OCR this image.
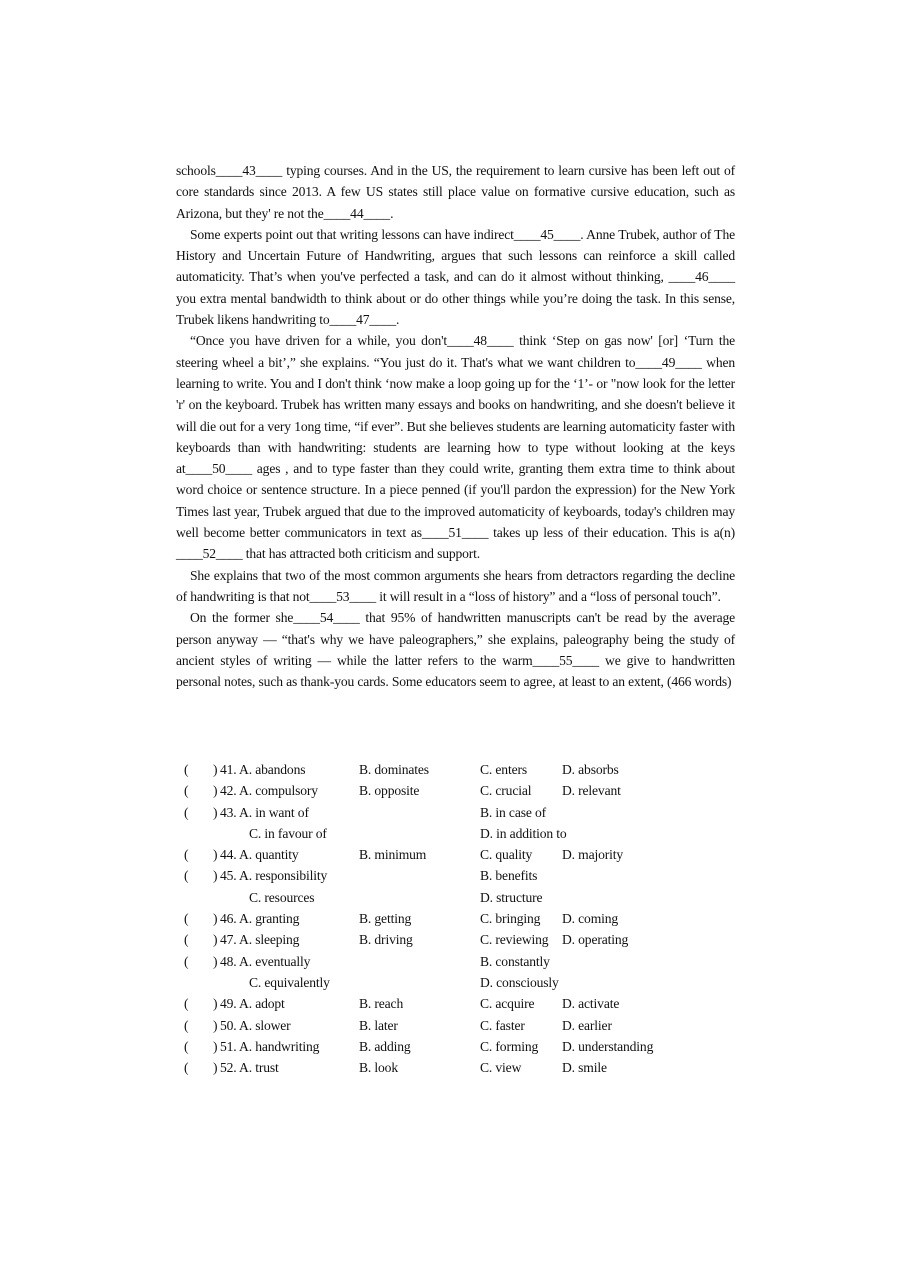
schools____43____ typing courses. And in the US, the requirement to learn cursive has been left out of core standards since 2013. A few US states still place value on formative cursive education, such as Arizona, but they' re not the____44____.

Some experts point out that writing lessons can have indirect____45____. Anne Trubek, author of The History and Uncertain Future of Handwriting, argues that such lessons can reinforce a skill called automaticity. That’s when you've perfected a task, and can do it almost without thinking, ____46____ you extra mental bandwidth to think about or do other things while you’re doing the task. In this sense, Trubek likens handwriting to____47____.

“Once you have driven for a while, you don't____48____ think ‘Step on gas now' [or] ‘Turn the steering wheel a bit’,” she explains. “You just do it. That's what we want children to____49____ when learning to write. You and I don't think ‘now make a loop going up for the ‘1’- or "now look for the letter 'r' on the keyboard. Trubek has written many essays and books on handwriting, and she doesn't believe it will die out for a very 1ong time, “if ever”. But she believes students are learning automaticity faster with keyboards than with handwriting: students are learning how to type without looking at the keys at____50____ ages , and to type faster than they could write, granting them extra time to think about word choice or sentence structure. In a piece penned (if you'll pardon the expression) for the New York Times last year, Trubek argued that due to the improved automaticity of keyboards, today's children may well become better communicators in text as____51____ takes up less of their education. This is a(n) ____52____ that has attracted both criticism and support.

She explains that two of the most common arguments she hears from detractors regarding the decline of handwriting is that not____53____ it will result in a “loss of history” and a “loss of personal touch”.

On the former she____54____ that 95% of handwritten manuscripts can't be read by the average person anyway — “that's why we have paleographers,” she explains, paleography being the study of ancient styles of writing — while the latter refers to the warm____55____ we give to handwritten personal notes, such as thank-you cards. Some educators seem to agree, at least to an extent, (466 words)

( ) 41. A. abandons	B. dominates	C. enters	D. absorbs
( ) 42. A. compulsory	B. opposite	C. crucial D. relevant
( ) 43. A. in want of	B. in case of
C. in favour of	D. in addition to
( ) 44. A. quantity	B. minimum	C. quality D. majority
( ) 45. A. responsibility	B. benefits
C. resources	D. structure
( ) 46. A. granting	B. getting	C. bringing D. coming
( ) 47. A. sleeping	B. driving	C. reviewing D. operating
( ) 48. A. eventually	B. constantly
C. equivalently	D. consciously
( ) 49. A. adopt	B. reach	C. acquire D. activate
( ) 50. A. slower	B. later	C. faster	D. earlier
( ) 51. A. handwriting	B. adding	C. forming D. understanding
( ) 52. A. trust	B. look	C. view	D. smile
